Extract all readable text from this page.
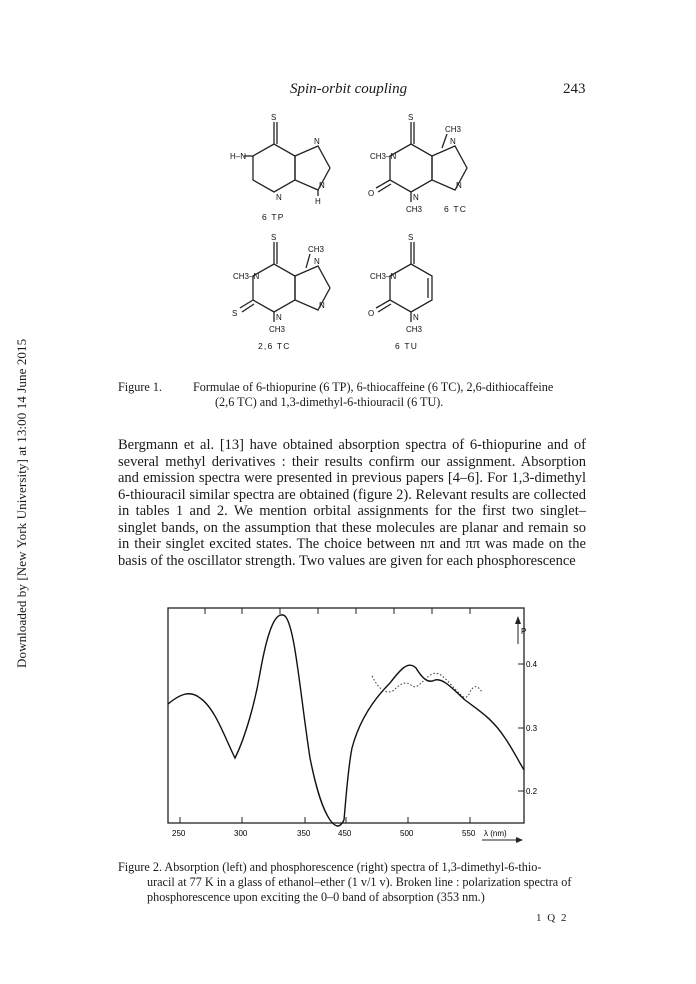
Spin-orbit coupling	243
Downloaded by [New York University] at 13:00 14 June 2015
S
H–N
N
N
N
H
6 TP
S
CH3
CH3–N
N
N
N
O
CH3	6 TC
S
CH3
CH3–N
N
N
N
S
CH3
2,6 TC
S
CH3–N
N
O
CH3
6 TU
Figure 1.	Formulae of 6-thiopurine (6 TP), 6-thiocaffeine (6 TC), 2,6-dithiocaffeine
(2,6 TC) and 1,3-dimethyl-6-thiouracil (6 TU).

Bergmann et al. [13] have obtained absorption spectra of 6-thiopurine and of several methyl derivatives : their results confirm our assignment. Absorption and emission spectra were presented in previous papers [4–6]. For 1,3-dimethyl 6-thiouracil similar spectra are obtained (figure 2). Relevant results are collected in tables 1 and 2. We mention orbital assignments for the first two singlet–singlet bands, on the assumption that these molecules are planar and remain so in their singlet excited states. The choice between nπ and ππ was made on the basis of the oscillator strength. Two values are given for each phosphorescence

P
0.4
0.3
0.2
250	300	350	450	500	550 λ (nm)
Figure 2. Absorption (left) and phosphorescence (right) spectra of 1,3-dimethyl-6-thio-
uracil at 77 K in a glass of ethanol–ether (1 v/1 v). Broken line : polarization spectra of phosphorescence upon exciting the 0–0 band of absorption (353 nm.)
1 Q 2
